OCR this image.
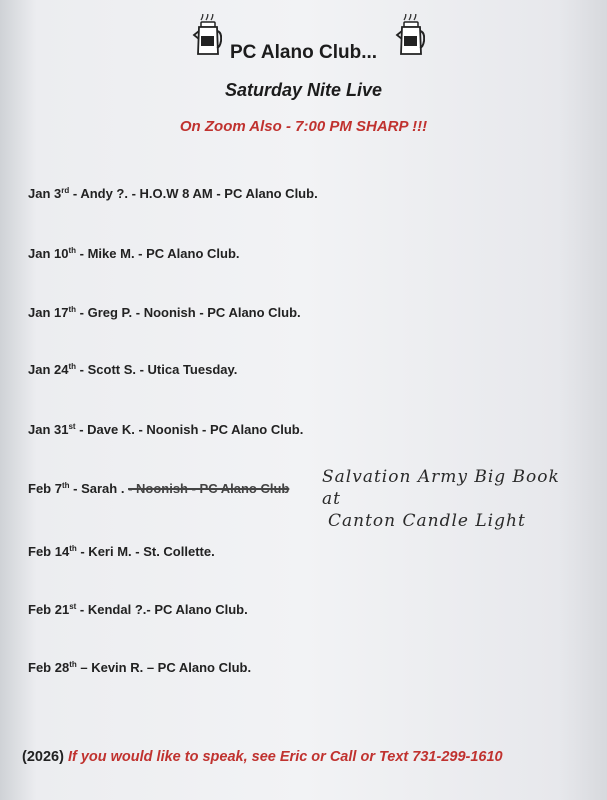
PC Alano Club...
Saturday Nite Live
On Zoom Also - 7:00 PM SHARP !!!
Jan 3rd - Andy ?. - H.O.W 8 AM - PC Alano Club.
Jan 10th - Mike M. - PC Alano Club.
Jan 17th - Greg P. - Noonish - PC Alano Club.
Jan 24th - Scott S. - Utica Tuesday.
Jan 31st - Dave K. - Noonish - PC Alano Club.
Feb 7th - Sarah . - Noonish - PC Alano Club
Feb 14th - Keri M. - St. Collette.
Feb 21st - Kendal ?.- PC Alano Club.
Feb 28th – Kevin R. – PC Alano Club.
Salvation Army Big Book at
Canton Candle Light
(2026) If you would like to speak, see Eric or Call or Text 731-299-1610
